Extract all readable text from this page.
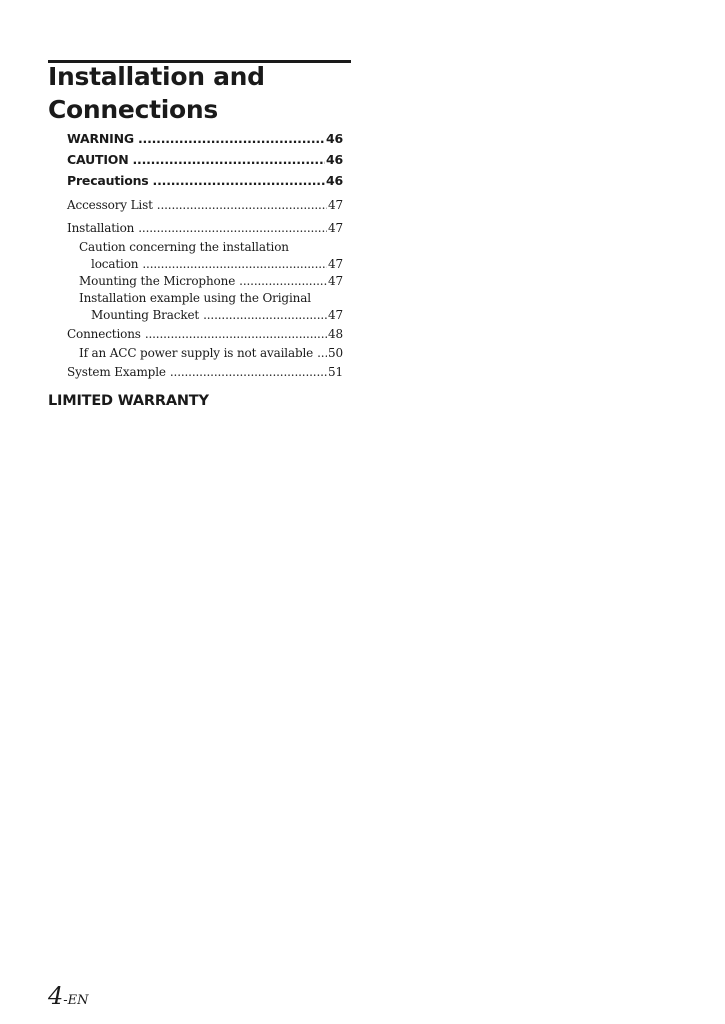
Installation and
Connections
WARNING .....	46
CAUTION .....	46
Precautions .....	46
Accessory List .....	47
Installation .....	47
Caution concerning the installation
location .....	47
Mounting the Microphone .....	47
Installation example using the Original
Mounting Bracket .....	47
Connections .....	48
If an ACC power supply is not available ..... 50
System Example .....	51
LIMITED WARRANTY
4-EN
